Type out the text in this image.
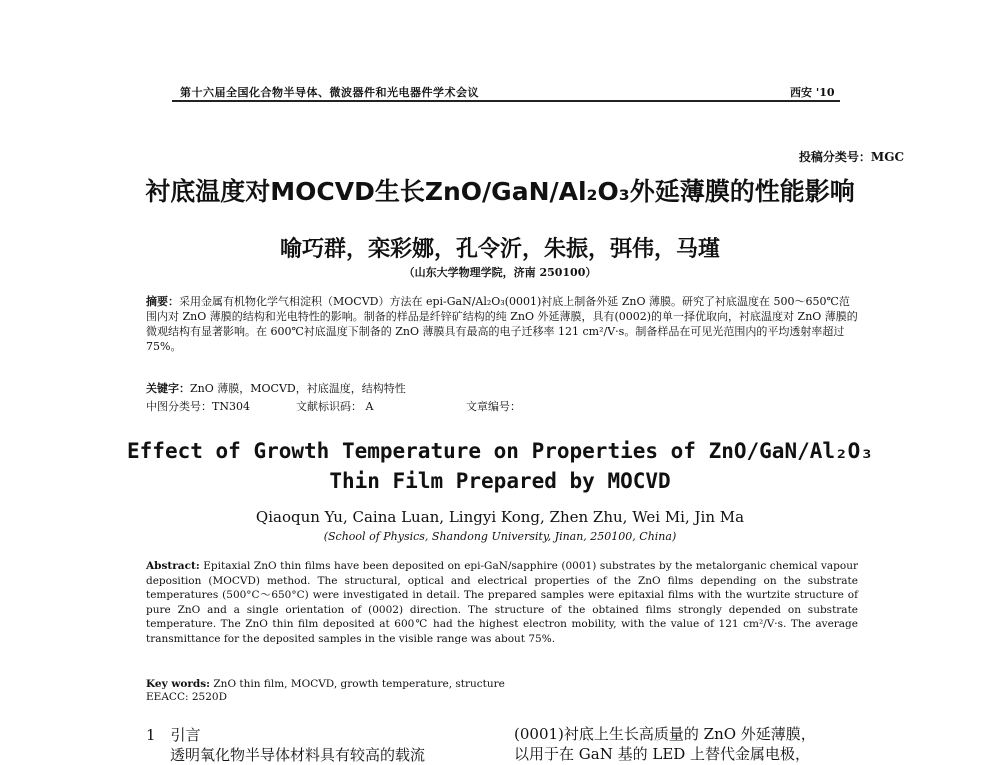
第十六届全国化合物半导体、微波器件和光电器件学术会议	西安 '10
投稿分类号：MGC
衬底温度对MOCVD生长ZnO/GaN/Al₂O₃外延薄膜的性能影响
喻巧群，栾彩娜，孔令沂，朱振，弭伟，马瑾
（山东大学物理学院，济南 250100）
摘要：采用金属有机物化学气相淀积（MOCVD）方法在 epi-GaN/Al₂O₃(0001)衬底上制备外延 ZnO 薄膜。研究了衬底温度在 500～650℃范围内对 ZnO 薄膜的结构和光电特性的影响。制备的样品是纤锌矿结构的纯 ZnO 外延薄膜，具有(0002)的单一择优取向，衬底温度对 ZnO 薄膜的微观结构有显著影响。在 600℃衬底温度下制备的 ZnO 薄膜具有最高的电子迁移率 121 cm²/V·s。制备样品在可见光范围内的平均透射率超过 75%。
关键字：ZnO 薄膜，MOCVD，衬底温度，结构特性
中图分类号：TN304	文献标识码： A	文章编号：
Effect of Growth Temperature on Properties of ZnO/GaN/Al₂O₃
Thin Film Prepared by MOCVD
Qiaoqun Yu, Caina Luan, Lingyi Kong, Zhen Zhu, Wei Mi, Jin Ma
(School of Physics, Shandong University, Jinan, 250100, China)
Abstract: Epitaxial ZnO thin films have been deposited on epi-GaN/sapphire (0001) substrates by the metalorganic chemical vapour deposition (MOCVD) method. The structural, optical and electrical properties of the ZnO films depending on the substrate temperatures (500°C～650°C) were investigated in detail. The prepared samples were epitaxial films with the wurtzite structure of pure ZnO and a single orientation of (0002) direction. The structure of the obtained films strongly depended on substrate temperature. The ZnO thin film deposited at 600℃ had the highest electron mobility, with the value of 121 cm²/V·s. The average transmittance for the deposited samples in the visible range was about 75%.
Key words: ZnO thin film, MOCVD, growth temperature, structure
EEACC: 2520D
1　引言
透明氧化物半导体材料具有较高的载流
(0001)衬底上生长高质量的 ZnO 外延薄膜，
以用于在 GaN 基的 LED 上替代金属电极，
